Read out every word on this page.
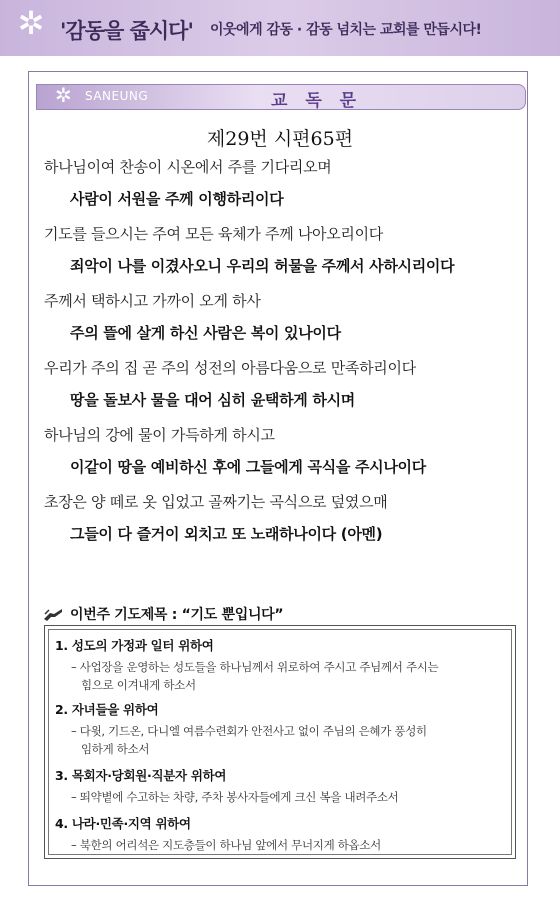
✲ '감동을 줍시다' 이웃에게 감동 · 감동 넘치는 교회를 만듭시다!
✲ SANEUNG	교 독 문
제29번 시편65편
하나님이여 찬송이 시온에서 주를 기다리오며
사람이 서원을 주께 이행하리이다
기도를 들으시는 주여 모든 육체가 주께 나아오리이다
죄악이 나를 이겼사오니 우리의 허물을 주께서 사하시리이다
주께서 택하시고 가까이 오게 하사
주의 뜰에 살게 하신 사람은 복이 있나이다
우리가 주의 집 곧 주의 성전의 아름다움으로 만족하리이다
땅을 돌보사 물을 대어 심히 윤택하게 하시며
하나님의 강에 물이 가득하게 하시고
이같이 땅을 예비하신 후에 그들에게 곡식을 주시나이다
초장은 양 떼로 옷 입었고 골짜기는 곡식으로 덮였으매
그들이 다 즐거이 외치고 또 노래하나이다 (아멘)
이번주 기도제목 : “기도 뿐입니다”
1. 성도의 가정과 일터 위하여
– 사업장을 운영하는 성도들을 하나님께서 위로하여 주시고 주님께서 주시는
힘으로 이겨내게 하소서
2. 자녀들을 위하여
– 다윗, 기드온, 다니엘 여름수련회가 안전사고 없이 주님의 은혜가 풍성히
임하게 하소서
3. 목회자·당회원·직분자 위하여
– 뙤약볕에 수고하는 차량, 주차 봉사자들에게 크신 복을 내려주소서
4. 나라·민족·지역 위하여
– 북한의 어리석은 지도층들이 하나님 앞에서 무너지게 하옵소서
